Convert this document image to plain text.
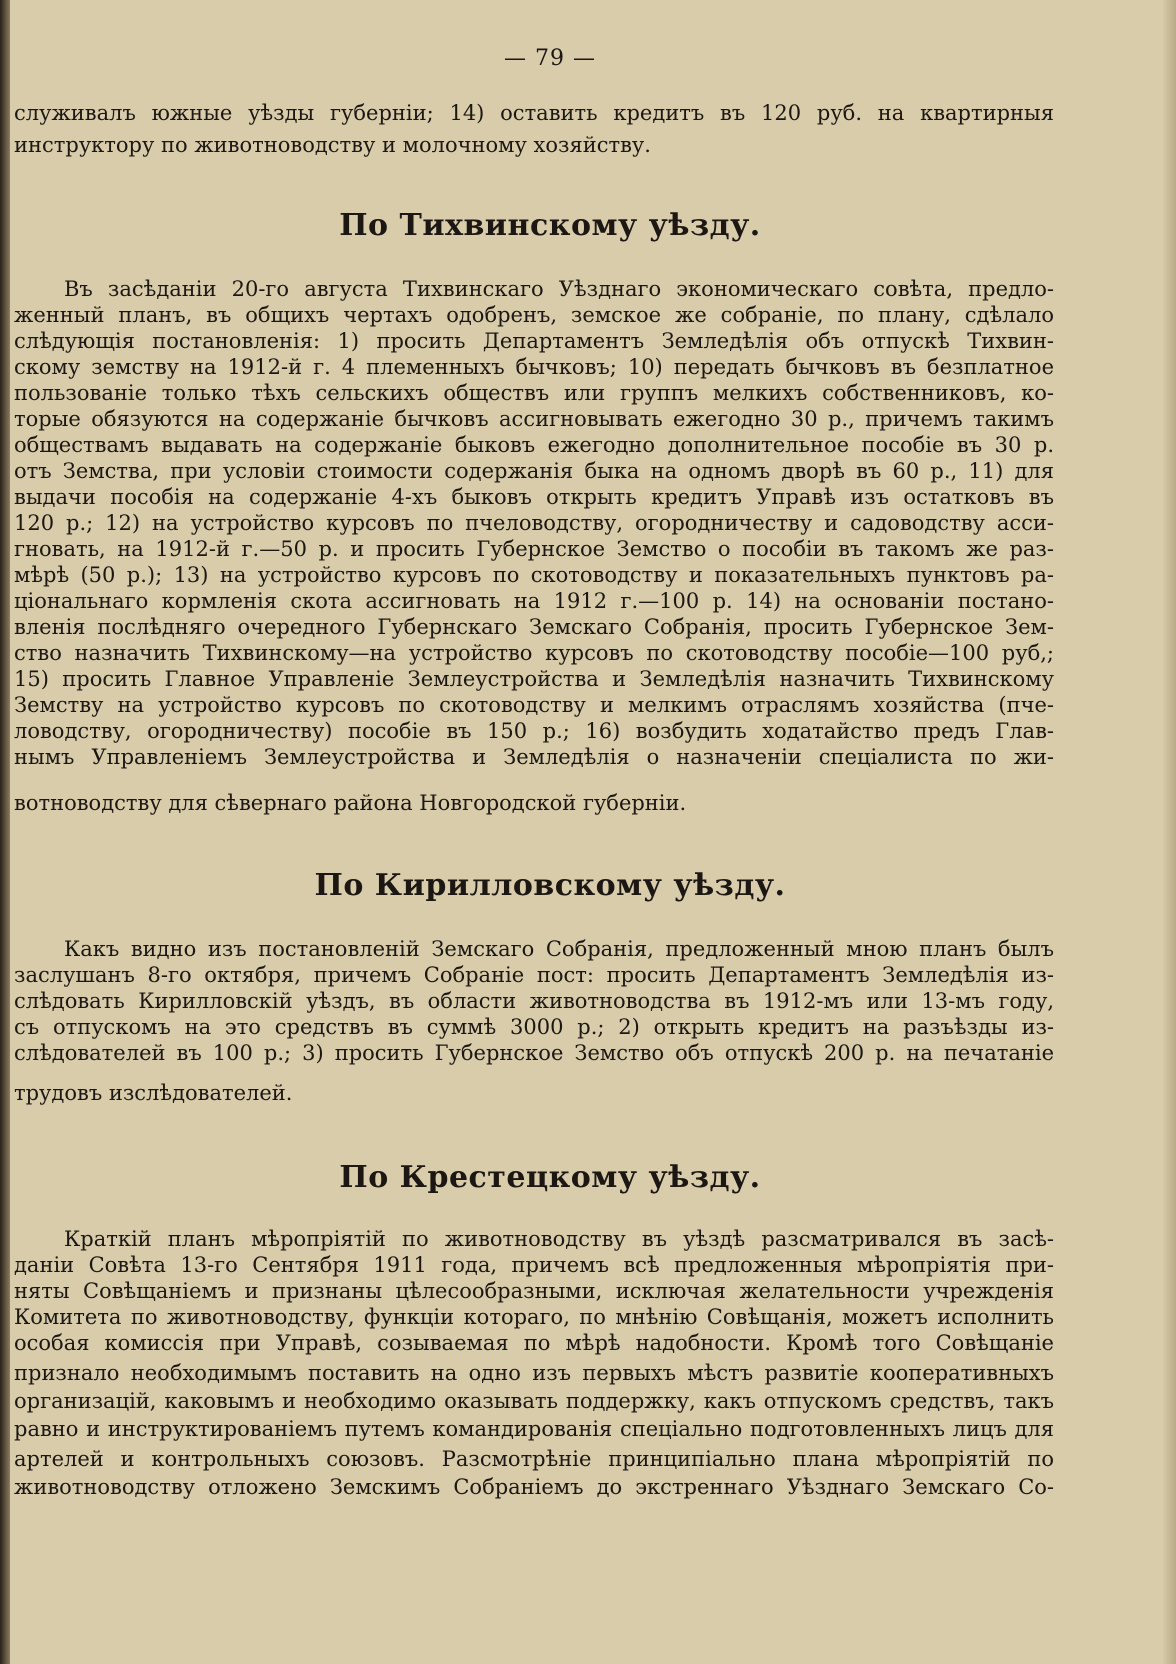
— 79 —
служивалъ южные уѣзды губерніи; 14) оставить кредитъ въ 120 руб. на квартирныя
инструктору по животноводству и молочному хозяйству.
По Тихвинскому уѣзду.
Въ засѣданіи 20-го августа Тихвинскаго Уѣзднаго экономическаго совѣта, предло-
женный планъ, въ общихъ чертахъ одобренъ, земское же собраніе, по плану, сдѣлало
слѣдующія постановленія: 1) просить Департаментъ Земледѣлія объ отпускѣ Тихвин-
скому земству на 1912-й г. 4 племенныхъ бычковъ; 10) передать бычковъ въ безплатное
пользованіе только тѣхъ сельскихъ обществъ или группъ мелкихъ собственниковъ, ко-
торые обязуются на содержаніе бычковъ ассигновывать ежегодно 30 р., причемъ такимъ
обществамъ выдавать на содержаніе быковъ ежегодно дополнительное пособіе въ 30 р.
отъ Земства, при условіи стоимости содержанія быка на одномъ дворѣ въ 60 р., 11) для
выдачи пособія на содержаніе 4-хъ быковъ открыть кредитъ Управѣ изъ остатковъ въ
120 р.; 12) на устройство курсовъ по пчеловодству, огородничеству и садоводству асси-
гновать, на 1912-й г.—50 р. и просить Губернское Земство о пособіи въ такомъ же раз-
мѣрѣ (50 р.); 13) на устройство курсовъ по скотоводству и показательныхъ пунктовъ ра-
ціональнаго кормленія скота ассигновать на 1912 г.—100 р. 14) на основаніи постано-
вленія послѣдняго очередного Губернскаго Земскаго Собранія, просить Губернское Зем-
ство назначить Тихвинскому—на устройство курсовъ по скотоводству пособіе—100 руб,;
15) просить Главное Управленіе Землеустройства и Земледѣлія назначить Тихвинскому
Земству на устройство курсовъ по скотоводству и мелкимъ отраслямъ хозяйства (пче-
ловодству, огородничеству) пособіе въ 150 р.; 16) возбудить ходатайство предъ Глав-
нымъ Управленіемъ Землеустройства и Земледѣлія о назначеніи спеціалиста по жи-
вотноводству для сѣвернаго района Новгородской губерніи.
По Кирилловскому уѣзду.
Какъ видно изъ постановленій Земскаго Собранія, предложенный мною планъ былъ
заслушанъ 8-го октября, причемъ Собраніе пост: просить Департаментъ Земледѣлія из-
слѣдовать Кирилловскій уѣздъ, въ области животноводства въ 1912-мъ или 13-мъ году,
съ отпускомъ на это средствъ въ суммѣ 3000 р.; 2) открыть кредитъ на разъѣзды из-
слѣдователей въ 100 р.; 3) просить Губернское Земство объ отпускѣ 200 р. на печатаніе
трудовъ изслѣдователей.
По Крестецкому уѣзду.
Краткій планъ мѣропріятій по животноводству въ уѣздѣ разсматривался въ засѣ-
даніи Совѣта 13-го Сентября 1911 года, причемъ всѣ предложенныя мѣропріятія при-
няты Совѣщаніемъ и признаны цѣлесообразными, исключая желательности учрежденія
Комитета по животноводству, функціи котораго, по мнѣнію Совѣщанія, можетъ исполнить
особая комиссія при Управѣ, созываемая по мѣрѣ надобности. Кромѣ того Совѣщаніе
признало необходимымъ поставить на одно изъ первыхъ мѣстъ развитіе кооперативныхъ
организацій, каковымъ и необходимо оказывать поддержку, какъ отпускомъ средствъ, такъ
равно и инструктированіемъ путемъ командированія спеціально подготовленныхъ лицъ для
артелей и контрольныхъ союзовъ. Разсмотрѣніе принципіально плана мѣропріятій по
животноводству отложено Земскимъ Собраніемъ до экстреннаго Уѣзднаго Земскаго Со-
